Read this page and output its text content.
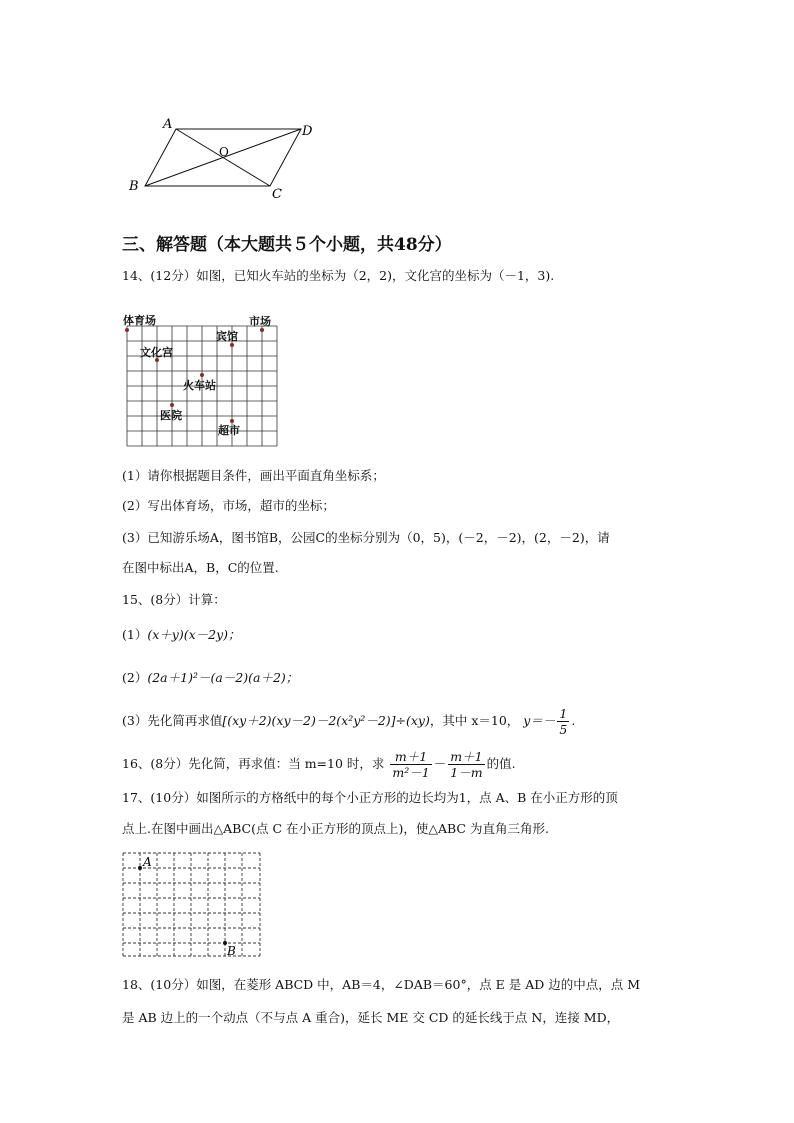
A	D
O
B
C
三、解答题（本大题共５个小题，共48分）
14、(12分）如图，已知火车站的坐标为（2，2)，文化宫的坐标为（－1，3).
体育场	市场
宾馆
文化宫
火车站
医院
超市
(1）请你根据题目条件，画出平面直角坐标系；
(2）写出体育场，市场，超市的坐标；
(3）已知游乐场A，图书馆B，公园C的坐标分别为（0，5)，(－2，－2)，(2，－2)，请
在图中标出A，B，C的位置.
15、(8分）计算：
(1）(x＋y)(x－2y)；
(2）(2a＋1)²－(a－2)(a＋2)；
(3）先化简再求值[(xy＋2)(xy－2)－2(x²y²－2)]÷(xy)，其中 x＝10， $y=- \frac{1}{5}$ .
16、(8分）先化简，再求值：当 m=10 时，求 $\frac{m+1}{\text{m²－1}} - \frac{m+1}{1-m}$ 的值.
17、(10分）如图所示的方格纸中的每个小正方形的边长均为1，点 A、B 在小正方形的顶
点上.在图中画出△ABC(点 C 在小正方形的顶点上)，使△ABC 为直角三角形.
A
B
18、(10分）如图，在菱形 ABCD 中，AB＝4，∠DAB＝60°，点 E 是 AD 边的中点，点 M
是 AB 边上的一个动点（不与点 A 重合)，延长 ME 交 CD 的延长线于点 N，连接 MD，
